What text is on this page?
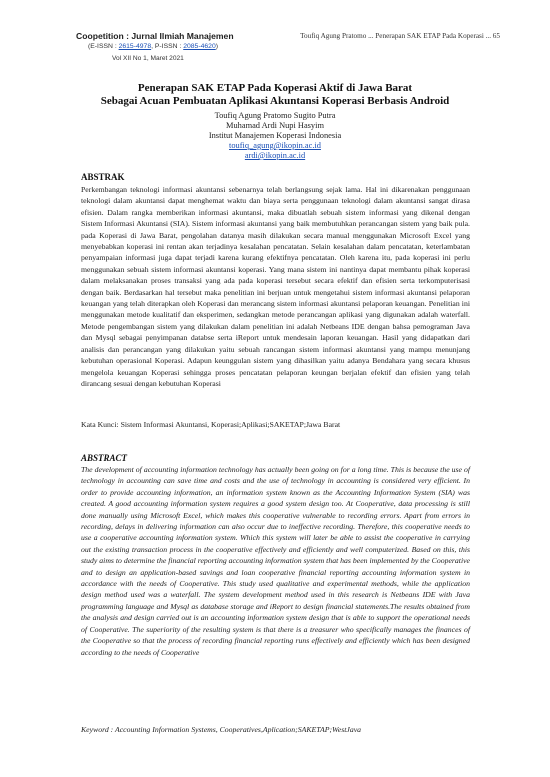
Coopetition : Jurnal Ilmiah Manajemen	Toufiq Agung Pratomo ... Penerapan SAK ETAP Pada Koperasi ... 65
(E-ISSN : 2615-4978, P-ISSN : 2085-4620)
Vol XII No 1, Maret 2021
Penerapan SAK ETAP Pada Koperasi Aktif di Jawa Barat
Sebagai Acuan Pembuatan Aplikasi Akuntansi Koperasi Berbasis Android
Toufiq Agung Pratomo Sugito Putra
Muhamad Ardi Nupi Hasyim
Institut Manajemen Koperasi Indonesia
toufiq_agung@ikopin.ac.id
ardi@ikopin.ac.id
ABSTRAK

Perkembangan teknologi informasi akuntansi sebenarnya telah berlangsung sejak lama. Hal ini dikarenakan penggunaan teknologi dalam akuntansi dapat menghemat waktu dan biaya serta penggunaan teknologi dalam akuntansi sangat dirasa efisien. Dalam rangka memberikan informasi akuntansi, maka dibuatlah sebuah sistem informasi yang dikenal dengan Sistem Informasi Akuntansi (SIA). Sistem informasi akuntansi yang baik membutuhkan perancangan sistem yang baik pula. pada Koperasi di Jawa Barat, pengolahan datanya masih dilakukan secara manual menggunakan Microsoft Excel yang menyebabkan koperasi ini rentan akan terjadinya kesalahan pencatatan. Selain kesalahan dalam pencatatan, keterlambatan penyampaian informasi juga dapat terjadi karena kurang efektifnya pencatatan. Oleh karena itu, pada koperasi ini perlu menggunakan sebuah sistem informasi akuntansi koperasi. Yang mana sistem ini nantinya dapat membantu pihak koperasi dalam melaksanakan proses transaksi yang ada pada koperasi tersebut secara efektif dan efisien serta terkomputerisasi dengan baik. Berdasarkan hal tersebut maka penelitian ini berjuan untuk mengetahui sistem informasi akuntansi pelaporan keuangan yang telah diterapkan oleh Koperasi dan merancang sistem informasi akuntansi pelaporan keuangan. Penelitian ini menggunakan metode kualitatif dan eksperimen, sedangkan metode perancangan aplikasi yang digunakan adalah waterfall. Metode pengembangan sistem yang dilakukan dalam penelitian ini adalah Netbeans IDE dengan bahsa pemograman Java dan Mysql sebagai penyimpanan databse serta iReport untuk mendesain laporan keuangan. Hasil yang didapatkan dari analisis dan perancangan yang dilakukan yaitu sebuah rancangan sistem informasi akuntansi yang mampu menunjang kebutuhan operasional Koperasi. Adapun keunggulan sistem yang dihasilkan yaitu adanya Bendahara yang secara khusus mengelola keuangan Koperasi sehingga proses pencatatan pelaporan keungan berjalan efektif dan efisien yang telah dirancang sesuai dengan kebutuhan Koperasi

Kata Kunci: Sistem Informasi Akuntansi, Koperasi;Aplikasi;SAKETAP;Jawa Barat
ABSTRACT

The development of accounting information technology has actually been going on for a long time. This is because the use of technology in accounting can save time and costs and the use of technology in accounting is considered very efficient. In order to provide accounting information, an information system known as the Accounting Information System (SIA) was created. A good accounting information system requires a good system design too. At Cooperative, data processing is still done manually using Microsoft Excel, which makes this cooperative vulnerable to recording errors. Apart from errors in recording, delays in delivering information can also occur due to ineffective recording. Therefore, this cooperative needs to use a cooperative accounting information system. Which this system will later be able to assist the cooperative in carrying out the existing transaction process in the cooperative effectively and efficiently and well computerized. Based on this, this study aims to determine the financial reporting accounting information system that has been implemented by the Cooperative and to design an application-based savings and loan cooperative financial reporting accounting information system in accordance with the needs of Cooperative. This study used qualitative and experimental methods, while the application design method used was a waterfall. The system development method used in this research is Netbeans IDE with Java programming language and Mysql as database storage and iReport to design financial statements.The results obtained from the analysis and design carried out is an accounting information system design that is able to support the operational needs of Cooperative. The superiority of the resulting system is that there is a treasurer who specifically manages the finances of the Cooperative so that the process of recording financial reporting runs effectively and efficiently which has been designed according to the needs of Cooperative

Keyword : Accounting Information Systems, Cooperatives,Aplication;SAKETAP;WestJava
